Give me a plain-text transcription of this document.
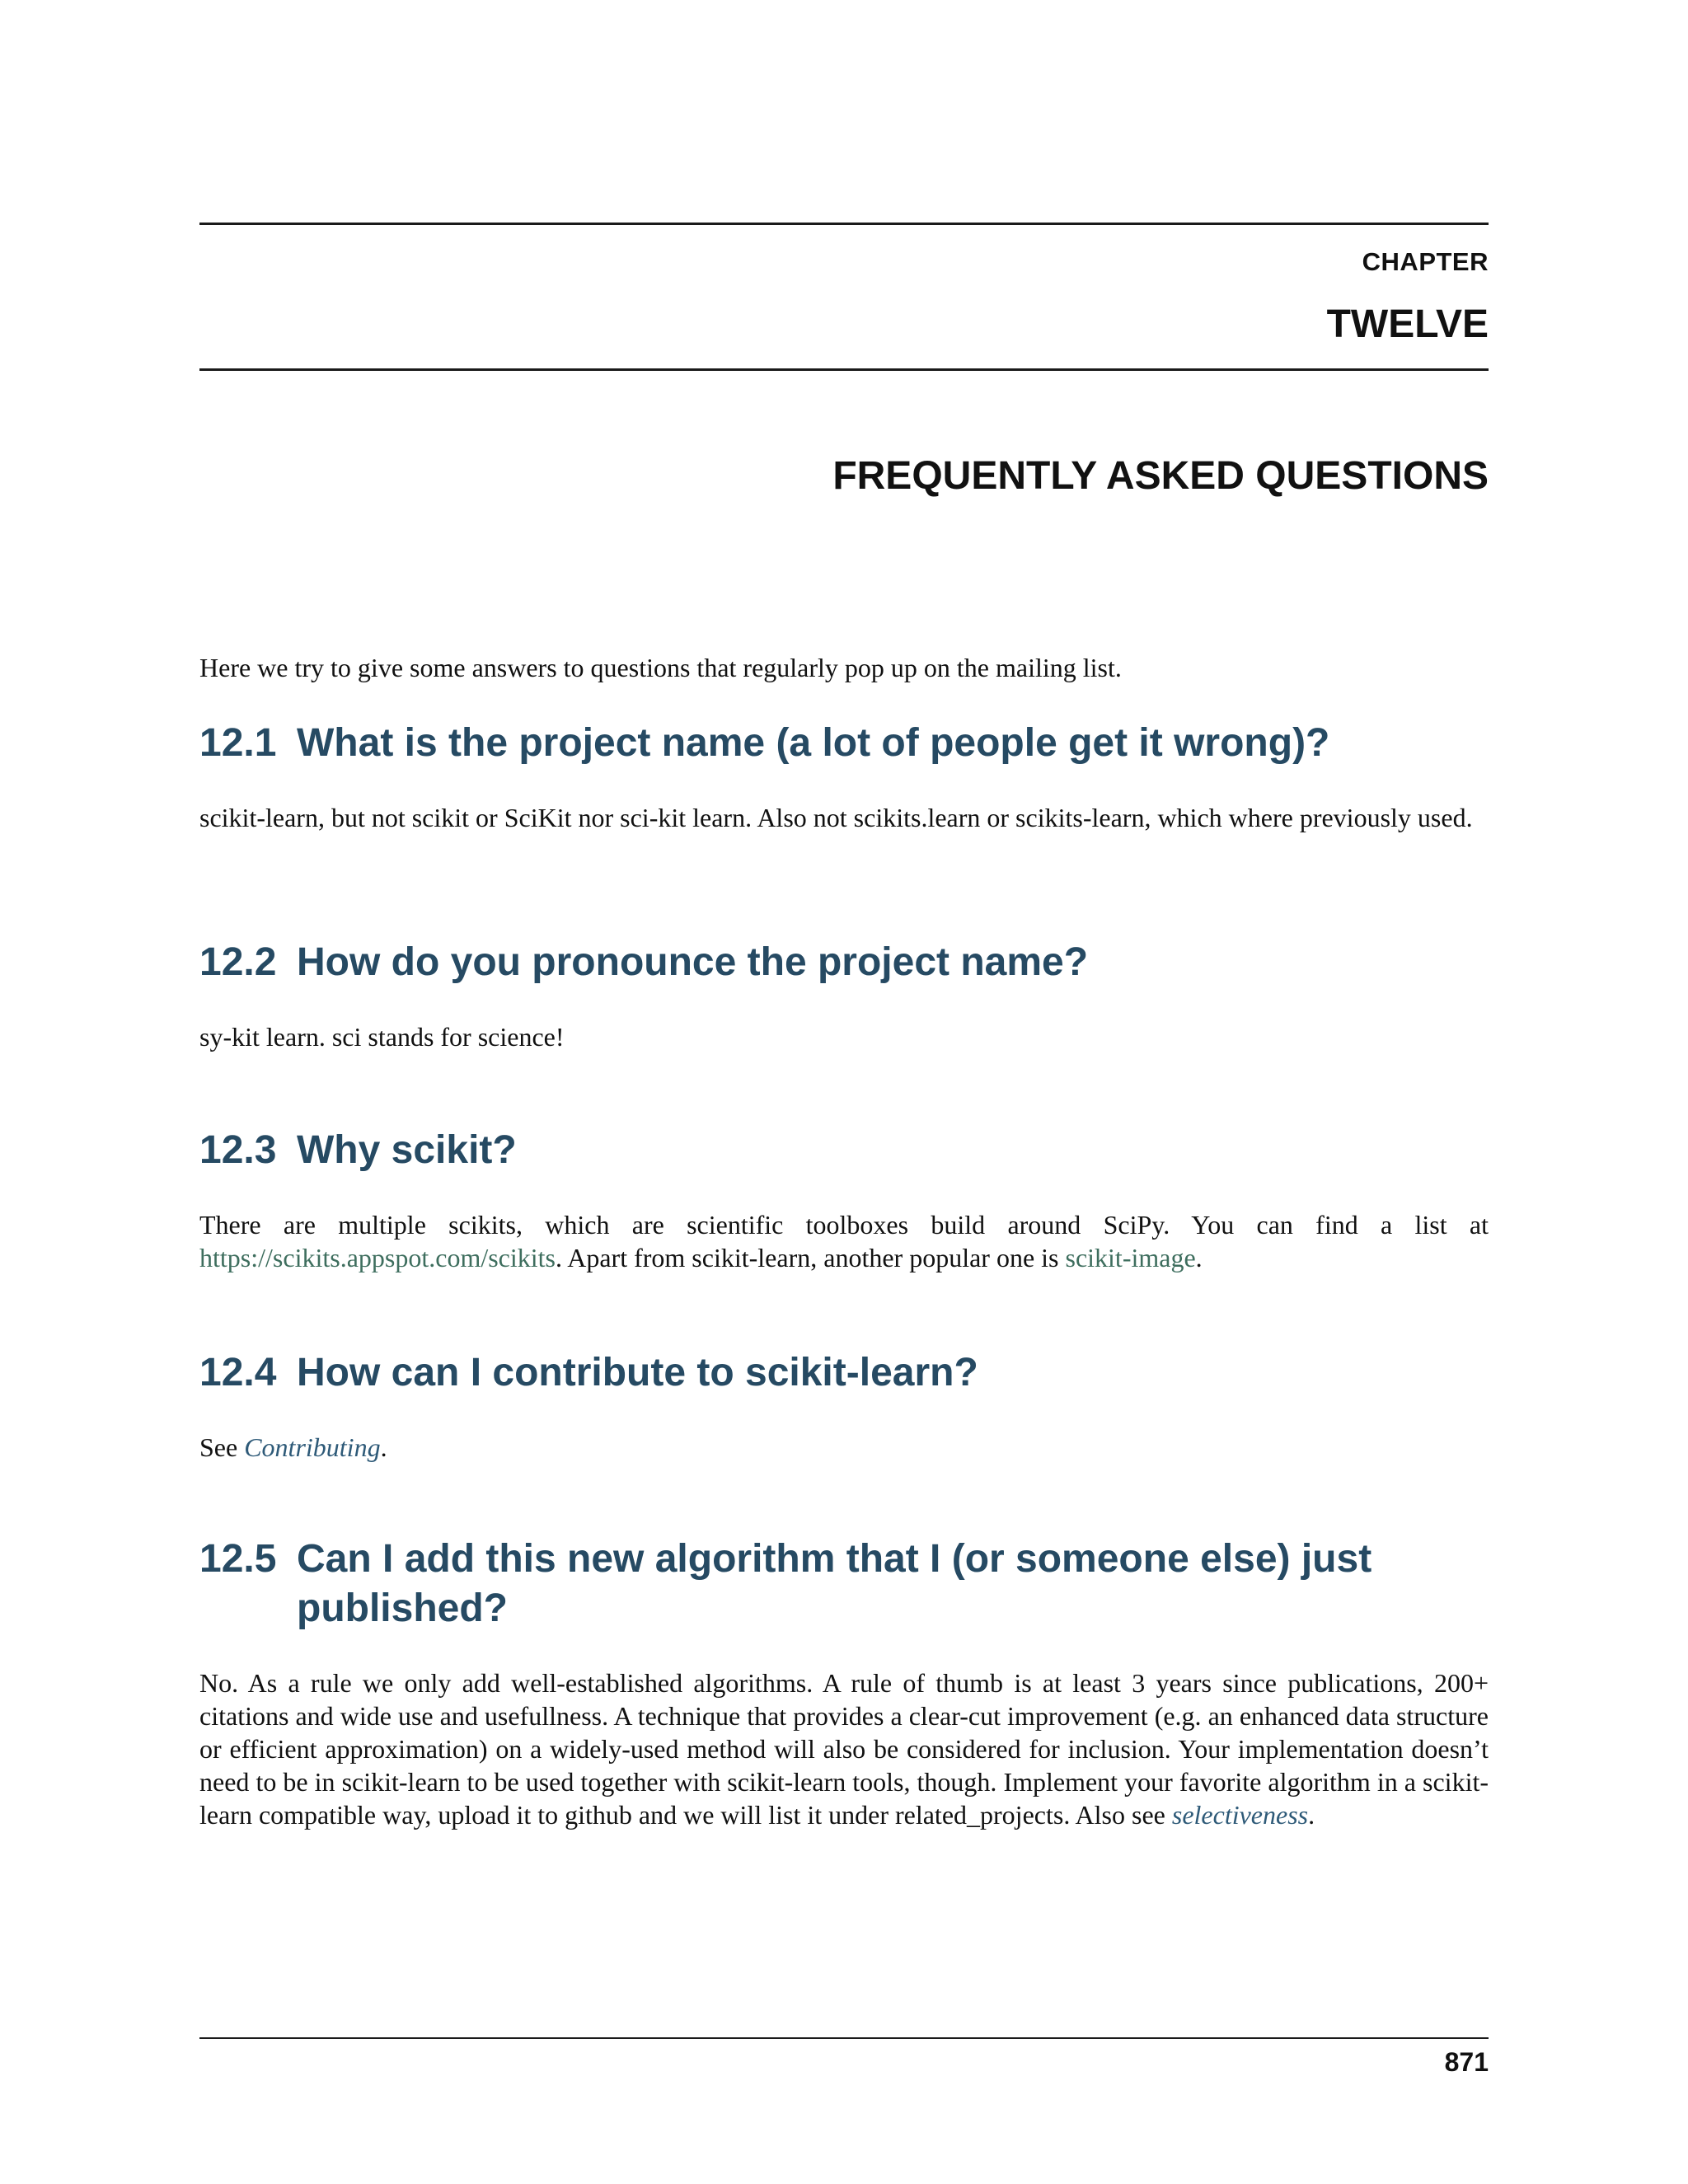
CHAPTER
TWELVE
FREQUENTLY ASKED QUESTIONS

Here we try to give some answers to questions that regularly pop up on the mailing list.

12.1 What is the project name (a lot of people get it wrong)?

scikit-learn, but not scikit or SciKit nor sci-kit learn. Also not scikits.learn or scikits-learn, which where previously used.

12.2 How do you pronounce the project name?

sy-kit learn. sci stands for science!

12.3 Why scikit?

There are multiple scikits, which are scientific toolboxes build around SciPy. You can find a list at https://scikits.appspot.com/scikits. Apart from scikit-learn, another popular one is scikit-image.

12.4 How can I contribute to scikit-learn?

See Contributing.

12.5 Can I add this new algorithm that I (or someone else) just published?

No. As a rule we only add well-established algorithms. A rule of thumb is at least 3 years since publications, 200+ citations and wide use and usefullness. A technique that provides a clear-cut improvement (e.g. an enhanced data structure or efficient approximation) on a widely-used method will also be considered for inclusion. Your implementation doesn’t need to be in scikit-learn to be used together with scikit-learn tools, though. Implement your favorite algorithm in a scikit-learn compatible way, upload it to github and we will list it under related_projects. Also see selectiveness.

871
